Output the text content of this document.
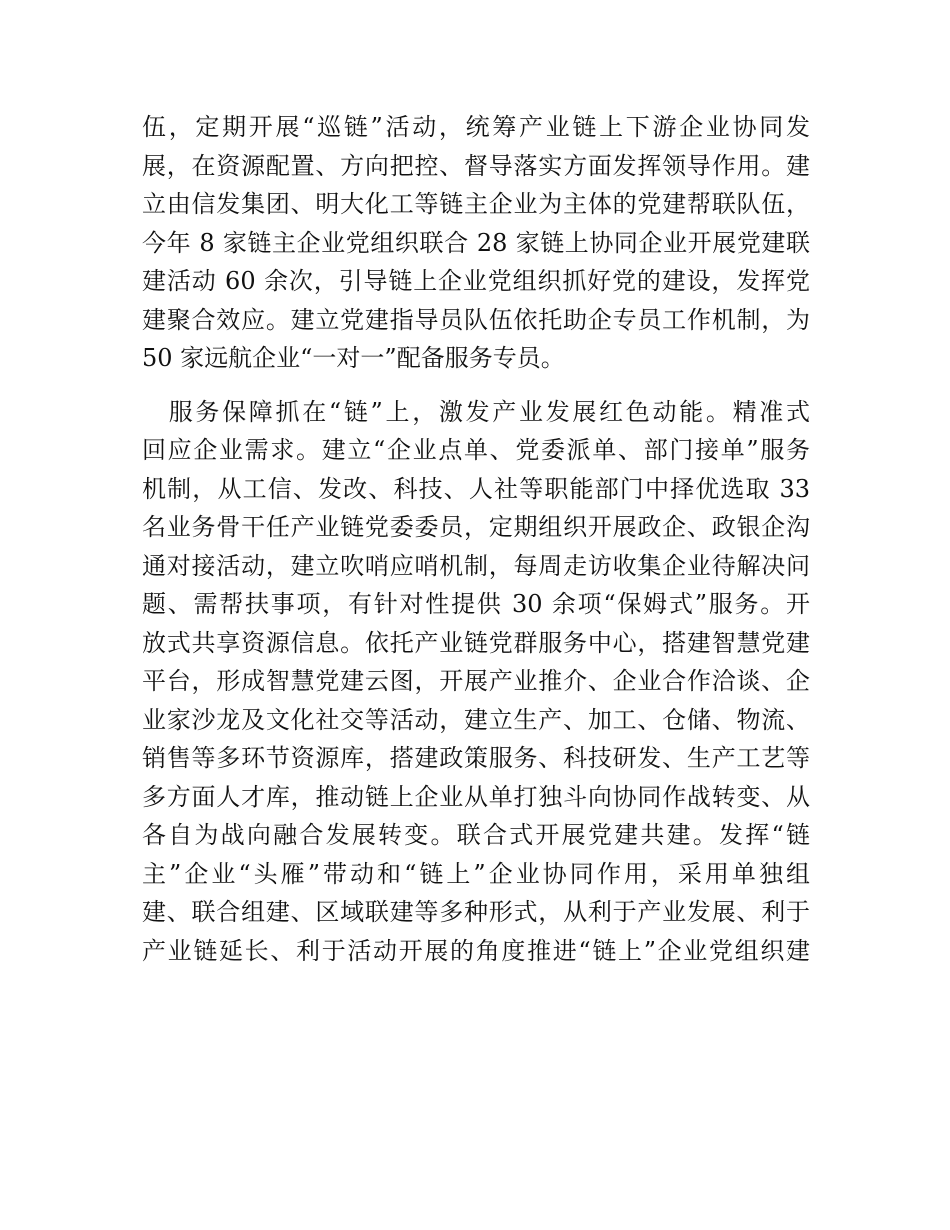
伍，定期开展“巡链”活动，统筹产业链上下游企业协同发
展，在资源配置、方向把控、督导落实方面发挥领导作用。建
立由信发集团、明大化工等链主企业为主体的党建帮联队伍，
今年 8 家链主企业党组织联合 28 家链上协同企业开展党建联
建活动 60 余次，引导链上企业党组织抓好党的建设，发挥党
建聚合效应。建立党建指导员队伍依托助企专员工作机制，为
50 家远航企业“一对一”配备服务专员。
　服务保障抓在“链”上，激发产业发展红色动能。精准式
回应企业需求。建立“企业点单、党委派单、部门接单”服务
机制，从工信、发改、科技、人社等职能部门中择优选取 33
名业务骨干任产业链党委委员，定期组织开展政企、政银企沟
通对接活动，建立吹哨应哨机制，每周走访收集企业待解决问
题、需帮扶事项，有针对性提供 30 余项“保姆式”服务。开
放式共享资源信息。依托产业链党群服务中心，搭建智慧党建
平台，形成智慧党建云图，开展产业推介、企业合作洽谈、企
业家沙龙及文化社交等活动，建立生产、加工、仓储、物流、
销售等多环节资源库，搭建政策服务、科技研发、生产工艺等
多方面人才库，推动链上企业从单打独斗向协同作战转变、从
各自为战向融合发展转变。联合式开展党建共建。发挥“链
主”企业“头雁”带动和“链上”企业协同作用，采用单独组
建、联合组建、区域联建等多种形式，从利于产业发展、利于
产业链延长、利于活动开展的角度推进“链上”企业党组织建
